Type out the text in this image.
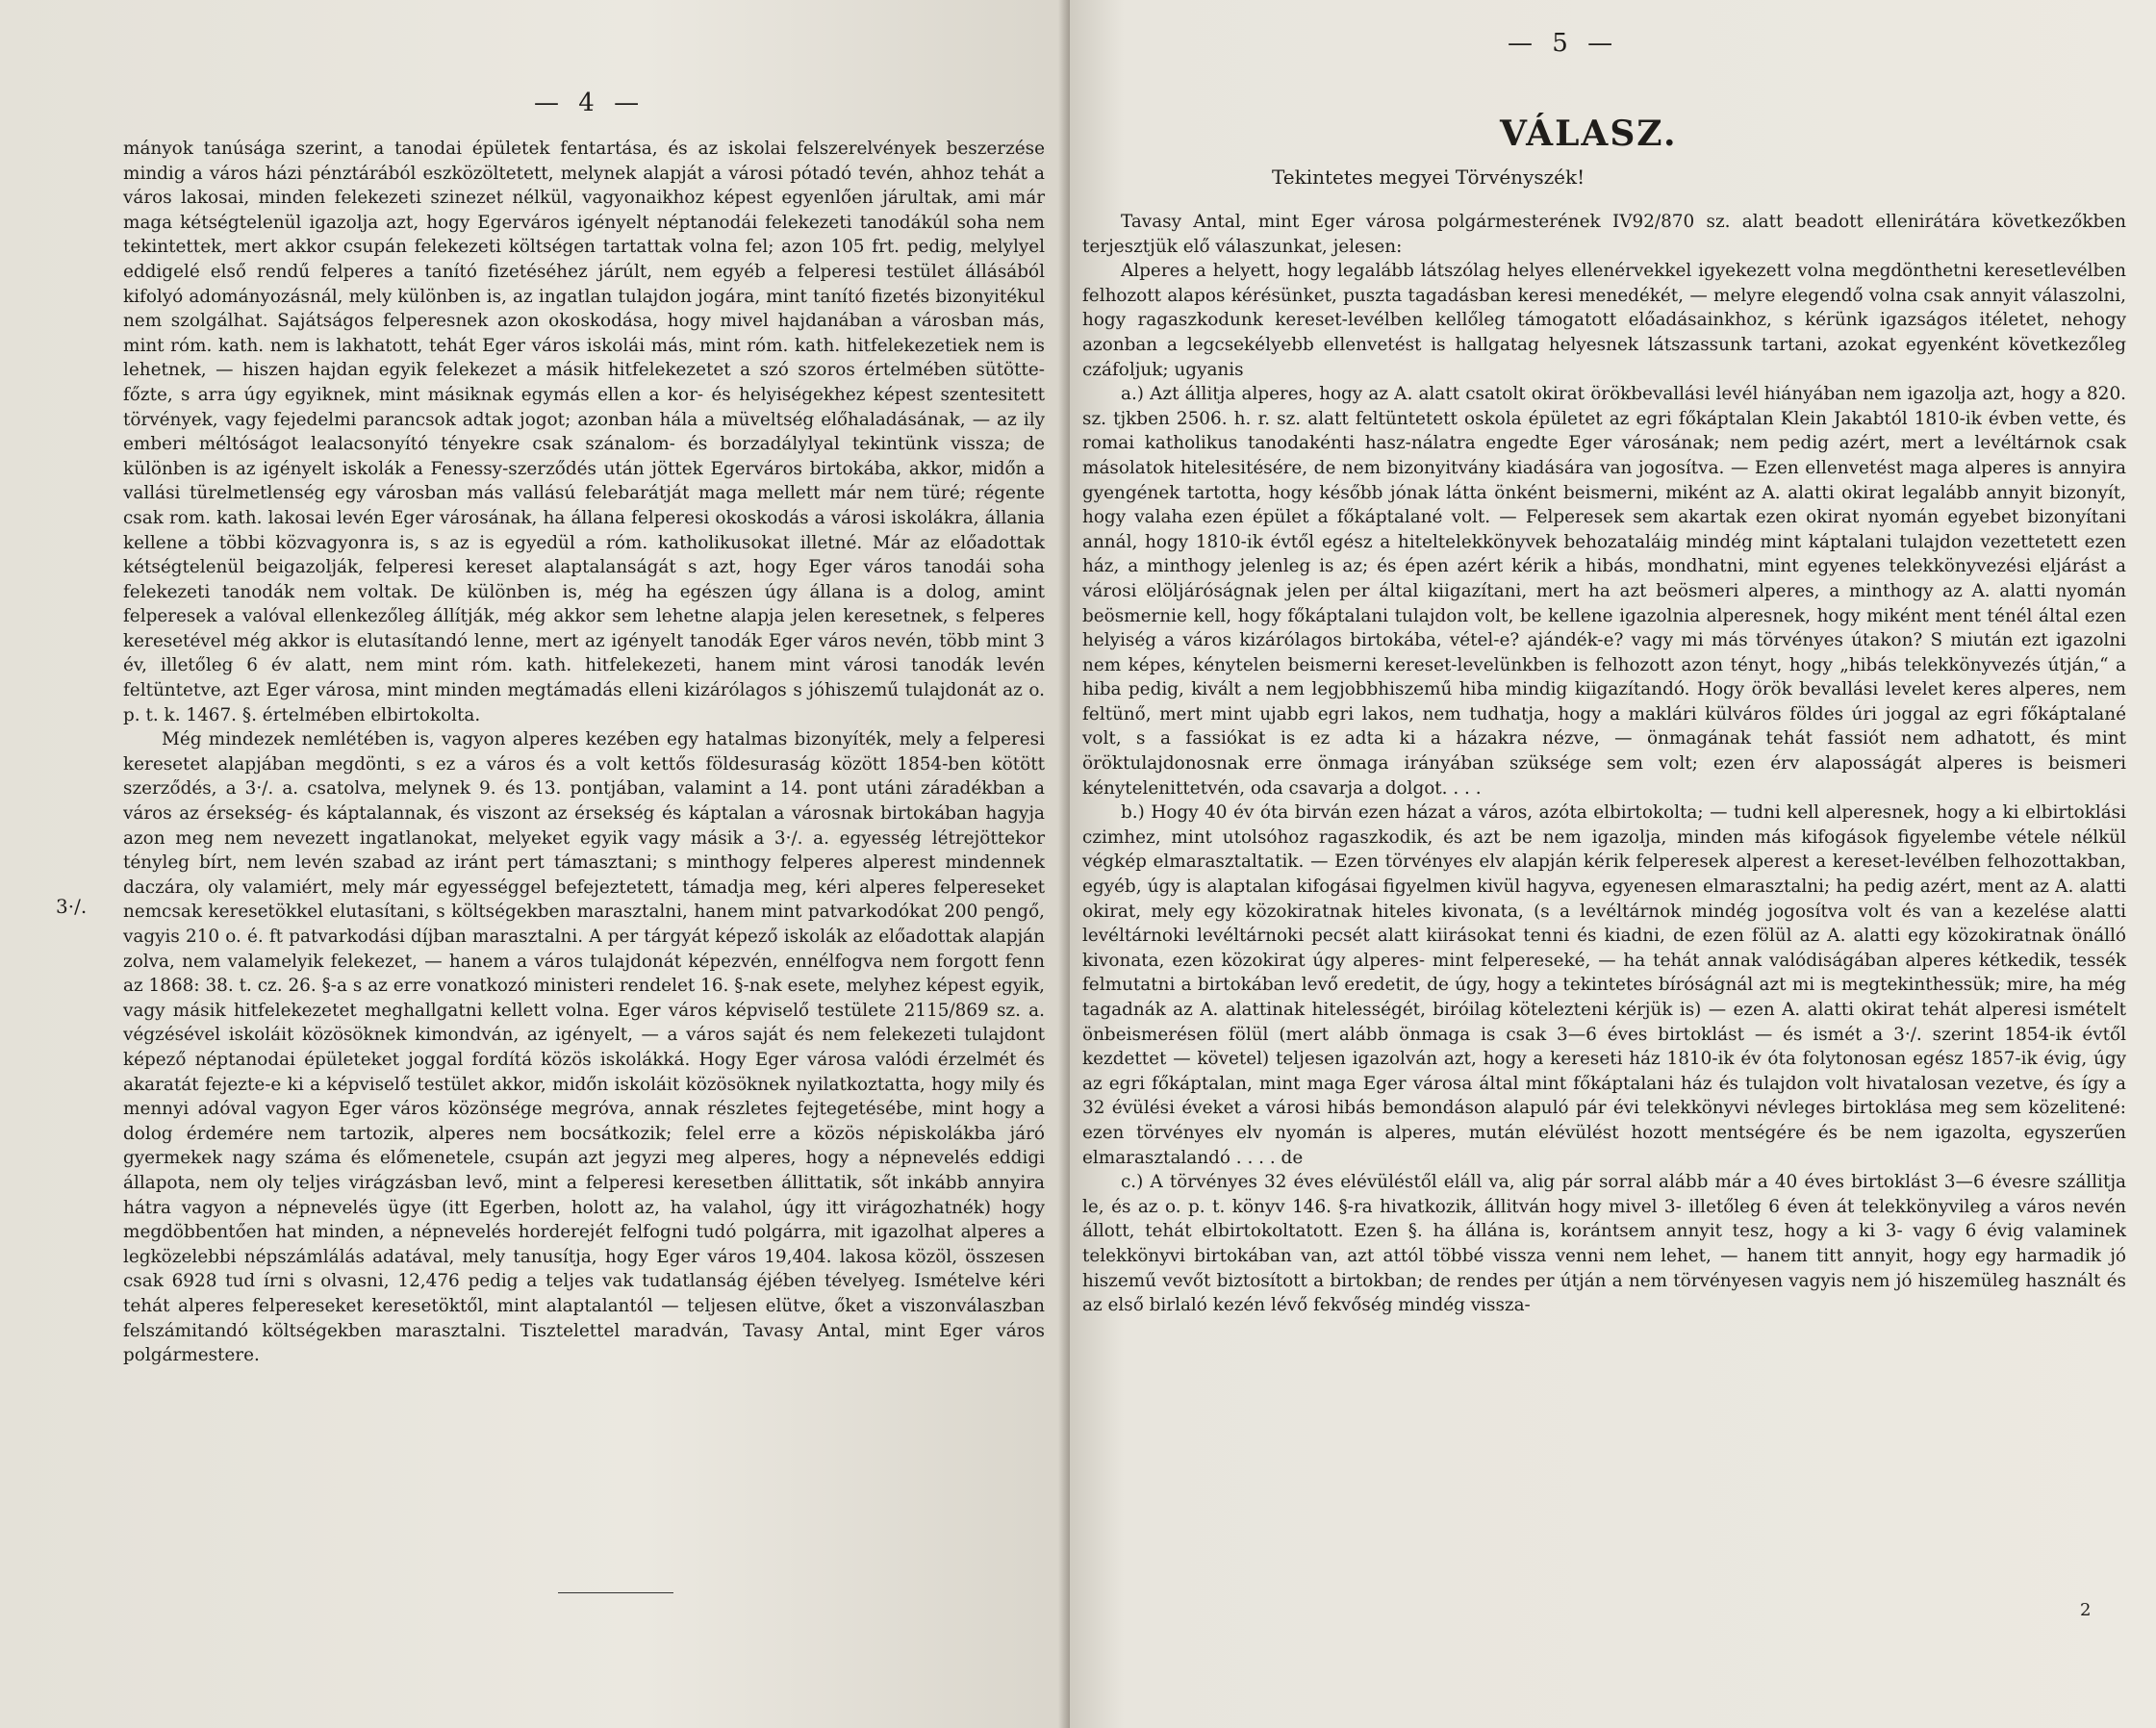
— 4 —
3·/.

mányok tanúsága szerint, a tanodai épületek fentartása, és az iskolai felszerelvények beszerzése mindig a város házi pénztárából eszközöltetett, melynek alapját a városi pótadó tevén, ahhoz tehát a város lakosai, minden felekezeti szinezet nélkül, vagyonaikhoz képest egyenlően járultak, ami már maga kétségtelenül igazolja azt, hogy Egerváros igényelt néptanodái felekezeti tanodákúl soha nem tekintettek, mert akkor csupán felekezeti költségen tartattak volna fel; azon 105 frt. pedig, melylyel eddigelé első rendű felperes a tanító fizetéséhez járúlt, nem egyéb a felperesi testület állásából kifolyó adományozásnál, mely különben is, az ingatlan tulajdon jogára, mint tanító fizetés bizonyitékul nem szolgálhat. Sajátságos felperesnek azon okoskodása, hogy mivel hajdanában a városban más, mint róm. kath. nem is lakhatott, tehát Eger város iskolái más, mint róm. kath. hitfelekezetiek nem is lehetnek, — hiszen hajdan egyik felekezet a másik hitfelekezetet a szó szoros értelmében sütötte-főzte, s arra úgy egyiknek, mint másiknak egymás ellen a kor- és helyiségekhez képest szentesitett törvények, vagy fejedelmi parancsok adtak jogot; azonban hála a müveltség előhaladásának, — az ily emberi méltóságot lealacsonyító tényekre csak szánalom- és borzadálylyal tekintünk vissza; de különben is az igényelt iskolák a Fenessy-szerződés után jöttek Egerváros birtokába, akkor, midőn a vallási türelmetlenség egy városban más vallású felebarátját maga mellett már nem türé; régente csak rom. kath. lakosai levén Eger városának, ha állana felperesi okoskodás a városi iskolákra, állania kellene a többi közvagyonra is, s az is egyedül a róm. katholikusokat illetné. Már az előadottak kétségtelenül beigazolják, felperesi kereset alaptalanságát s azt, hogy Eger város tanodái soha felekezeti tanodák nem voltak. De különben is, még ha egészen úgy állana is a dolog, amint felperesek a valóval ellenkezőleg állítják, még akkor sem lehetne alapja jelen keresetnek, s felperes keresetével még akkor is elutasítandó lenne, mert az igényelt tanodák Eger város nevén, több mint 3 év, illetőleg 6 év alatt, nem mint róm. kath. hitfelekezeti, hanem mint városi tanodák levén feltüntetve, azt Eger városa, mint minden megtámadás elleni kizárólagos s jóhiszemű tulajdonát az o. p. t. k. 1467. §. értelmében elbirtokolta.

Még mindezek nemlétében is, vagyon alperes kezében egy hatalmas bizonyíték, mely a felperesi keresetet alapjában megdönti, s ez a város és a volt kettős földesuraság között 1854-ben kötött szerződés, a 3·/. a. csatolva, melynek 9. és 13. pontjában, valamint a 14. pont utáni záradékban a város az érsekség- és káptalannak, és viszont az érsekség és káptalan a városnak birtokában hagyja azon meg nem nevezett ingatlanokat, melyeket egyik vagy másik a 3·/. a. egyesség létrejöttekor tényleg bírt, nem levén szabad az iránt pert támasztani; s minthogy felperes alperest mindennek daczára, oly valamiért, mely már egyességgel befejeztetett, támadja meg, kéri alperes felpereseket nemcsak keresetökkel elutasítani, s költségekben marasztalni, hanem mint patvarkodókat 200 pengő, vagyis 210 o. é. ft patvarkodási díjban marasztalni. A per tárgyát képező iskolák az előadottak alapján zolva, nem valamelyik felekezet, — hanem a város tulajdonát képezvén, ennélfogva nem forgott fenn az 1868: 38. t. cz. 26. §-a s az erre vonatkozó ministeri rendelet 16. §-nak esete, melyhez képest egyik, vagy másik hitfelekezetet meghallgatni kellett volna. Eger város képviselő testülete 2115/869 sz. a. végzésével iskoláit közösöknek kimondván, az igényelt, — a város saját és nem felekezeti tulajdont képező néptanodai épületeket joggal fordítá közös iskolákká. Hogy Eger városa valódi érzelmét és akaratát fejezte-e ki a képviselő testület akkor, midőn iskoláit közösöknek nyilatkoztatta, hogy mily és mennyi adóval vagyon Eger város közönsége megróva, annak részletes fejtegetésébe, mint hogy a dolog érdemére nem tartozik, alperes nem bocsátkozik; felel erre a közös népiskolákba járó gyermekek nagy száma és előmenetele, csupán azt jegyzi meg alperes, hogy a népnevelés eddigi állapota, nem oly teljes virágzásban levő, mint a felperesi keresetben állittatik, sőt inkább annyira hátra vagyon a népnevelés ügye (itt Egerben, holott az, ha valahol, úgy itt virágozhatnék) hogy megdöbbentően hat minden, a népnevelés horderejét felfogni tudó polgárra, mit igazolhat alperes a legközelebbi népszámlálás adatával, mely tanusítja, hogy Eger város 19,404. lakosa közöl, összesen csak 6928 tud írni s olvasni, 12,476 pedig a teljes vak tudatlanság éjében tévelyeg. Ismételve kéri tehát alperes felpereseket keresetöktől, mint alaptalantól — teljesen elütve, őket a viszonválaszban felszámitandó költségekben marasztalni. Tisztelettel maradván, Tavasy Antal, mint Eger város polgármestere.

— 5 —
VÁLASZ.
Tekintetes megyei Törvényszék!

Tavasy Antal, mint Eger városa polgármesterének IV92/870 sz. alatt beadott ellenirátára következőkben terjesztjük elő válaszunkat, jelesen:

Alperes a helyett, hogy legalább látszólag helyes ellenérvekkel igyekezett volna megdönthetni keresetlevélben felhozott alapos kérésünket, puszta tagadásban keresi menedékét, — melyre elegendő volna csak annyit válaszolni, hogy ragaszkodunk kereset-levélben kellőleg támogatott előadásainkhoz, s kérünk igazságos itéletet, nehogy azonban a legcsekélyebb ellenvetést is hallgatag helyesnek látszassunk tartani, azokat egyenként következőleg czáfoljuk; ugyanis

a.) Azt állitja alperes, hogy az A. alatt csatolt okirat örökbevallási levél hiányában nem igazolja azt, hogy a 820. sz. tjkben 2506. h. r. sz. alatt feltüntetett oskola épületet az egri főkáptalan Klein Jakabtól 1810-ik évben vette, és romai katholikus tanodakénti hasz-nálatra engedte Eger városának; nem pedig azért, mert a levéltárnok csak másolatok hitelesitésére, de nem bizonyitvány kiadására van jogosítva. — Ezen ellenvetést maga alperes is annyira gyengének tartotta, hogy később jónak látta önként beismerni, miként az A. alatti okirat legalább annyit bizonyít, hogy valaha ezen épület a főkáptalané volt. — Felperesek sem akartak ezen okirat nyomán egyebet bizonyítani annál, hogy 1810-ik évtől egész a hiteltelekkönyvek behozataláig mindég mint káptalani tulajdon vezettetett ezen ház, a minthogy jelenleg is az; és épen azért kérik a hibás, mondhatni, mint egyenes telekkönyvezési eljárást a városi elöljáróságnak jelen per által kiigazítani, mert ha azt beösmeri alperes, a minthogy az A. alatti nyomán beösmernie kell, hogy főkáptalani tulajdon volt, be kellene igazolnia alperesnek, hogy miként ment ténél által ezen helyiség a város kizárólagos birtokába, vétel-e? ajándék-e? vagy mi más törvényes útakon? S miután ezt igazolni nem képes, kénytelen beismerni kereset-levelünkben is felhozott azon tényt, hogy „hibás telekkönyvezés útján,“ a hiba pedig, kivált a nem legjobbhiszemű hiba mindig kiigazítandó. Hogy örök bevallási levelet keres alperes, nem feltünő, mert mint ujabb egri lakos, nem tudhatja, hogy a maklári külváros földes úri joggal az egri főkáptalané volt, s a fassiókat is ez adta ki a házakra nézve, — önmagának tehát fassiót nem adhatott, és mint öröktulajdonosnak erre önmaga irányában szüksége sem volt; ezen érv alaposságát alperes is beismeri kénytelenittetvén, oda csavarja a dolgot. . . .

b.) Hogy 40 év óta birván ezen házat a város, azóta elbirtokolta; — tudni kell alperesnek, hogy a ki elbirtoklási czimhez, mint utolsóhoz ragaszkodik, és azt be nem igazolja, minden más kifogások figyelembe vétele nélkül végkép elmarasztaltatik. — Ezen törvényes elv alapján kérik felperesek alperest a kereset-levélben felhozottakban, egyéb, úgy is alaptalan kifogásai figyelmen kivül hagyva, egyenesen elmarasztalni; ha pedig azért, ment az A. alatti okirat, mely egy közokiratnak hiteles kivonata, (s a levéltárnok mindég jogosítva volt és van a kezelése alatti levéltárnoki levéltárnoki pecsét alatt kiirásokat tenni és kiadni, de ezen fölül az A. alatti egy közokiratnak önálló kivonata, ezen közokirat úgy alperes- mint felpereseké, — ha tehát annak valódiságában alperes kétkedik, tessék felmutatni a birtokában levő eredetit, de úgy, hogy a tekintetes bíróságnál azt mi is megtekinthessük; mire, ha még tagadnák az A. alattinak hitelességét, biróilag kötelezteni kérjük is) — ezen A. alatti okirat tehát alperesi ismételt önbeismerésen fölül (mert alább önmaga is csak 3—6 éves birtoklást — és ismét a 3·/. szerint 1854-ik évtől kezdettet — követel) teljesen igazolván azt, hogy a kereseti ház 1810-ik év óta folytonosan egész 1857-ik évig, úgy az egri főkáptalan, mint maga Eger városa által mint főkáptalani ház és tulajdon volt hivatalosan vezetve, és így a 32 évülési éveket a városi hibás bemondáson alapuló pár évi telekkönyvi névleges birtoklása meg sem közelitené: ezen törvényes elv nyomán is alperes, mután elévülést hozott mentségére és be nem igazolta, egyszerűen elmarasztalandó . . . . de

c.) A törvényes 32 éves elévüléstől eláll va, alig pár sorral alább már a 40 éves birtoklást 3—6 évesre szállitja le, és az o. p. t. könyv 146. §-ra hivatkozik, állitván hogy mivel 3- illetőleg 6 éven át telekkönyvileg a város nevén állott, tehát elbirtokoltatott. Ezen §. ha állána is, korántsem annyit tesz, hogy a ki 3- vagy 6 évig valaminek telekkönyvi birtokában van, azt attól többé vissza venni nem lehet, — hanem titt annyit, hogy egy harmadik jó hiszemű vevőt biztosított a birtokban; de rendes per útján a nem törvényesen vagyis nem jó hiszemüleg használt és az első birlaló kezén lévő fekvőség mindég vissza-

2
